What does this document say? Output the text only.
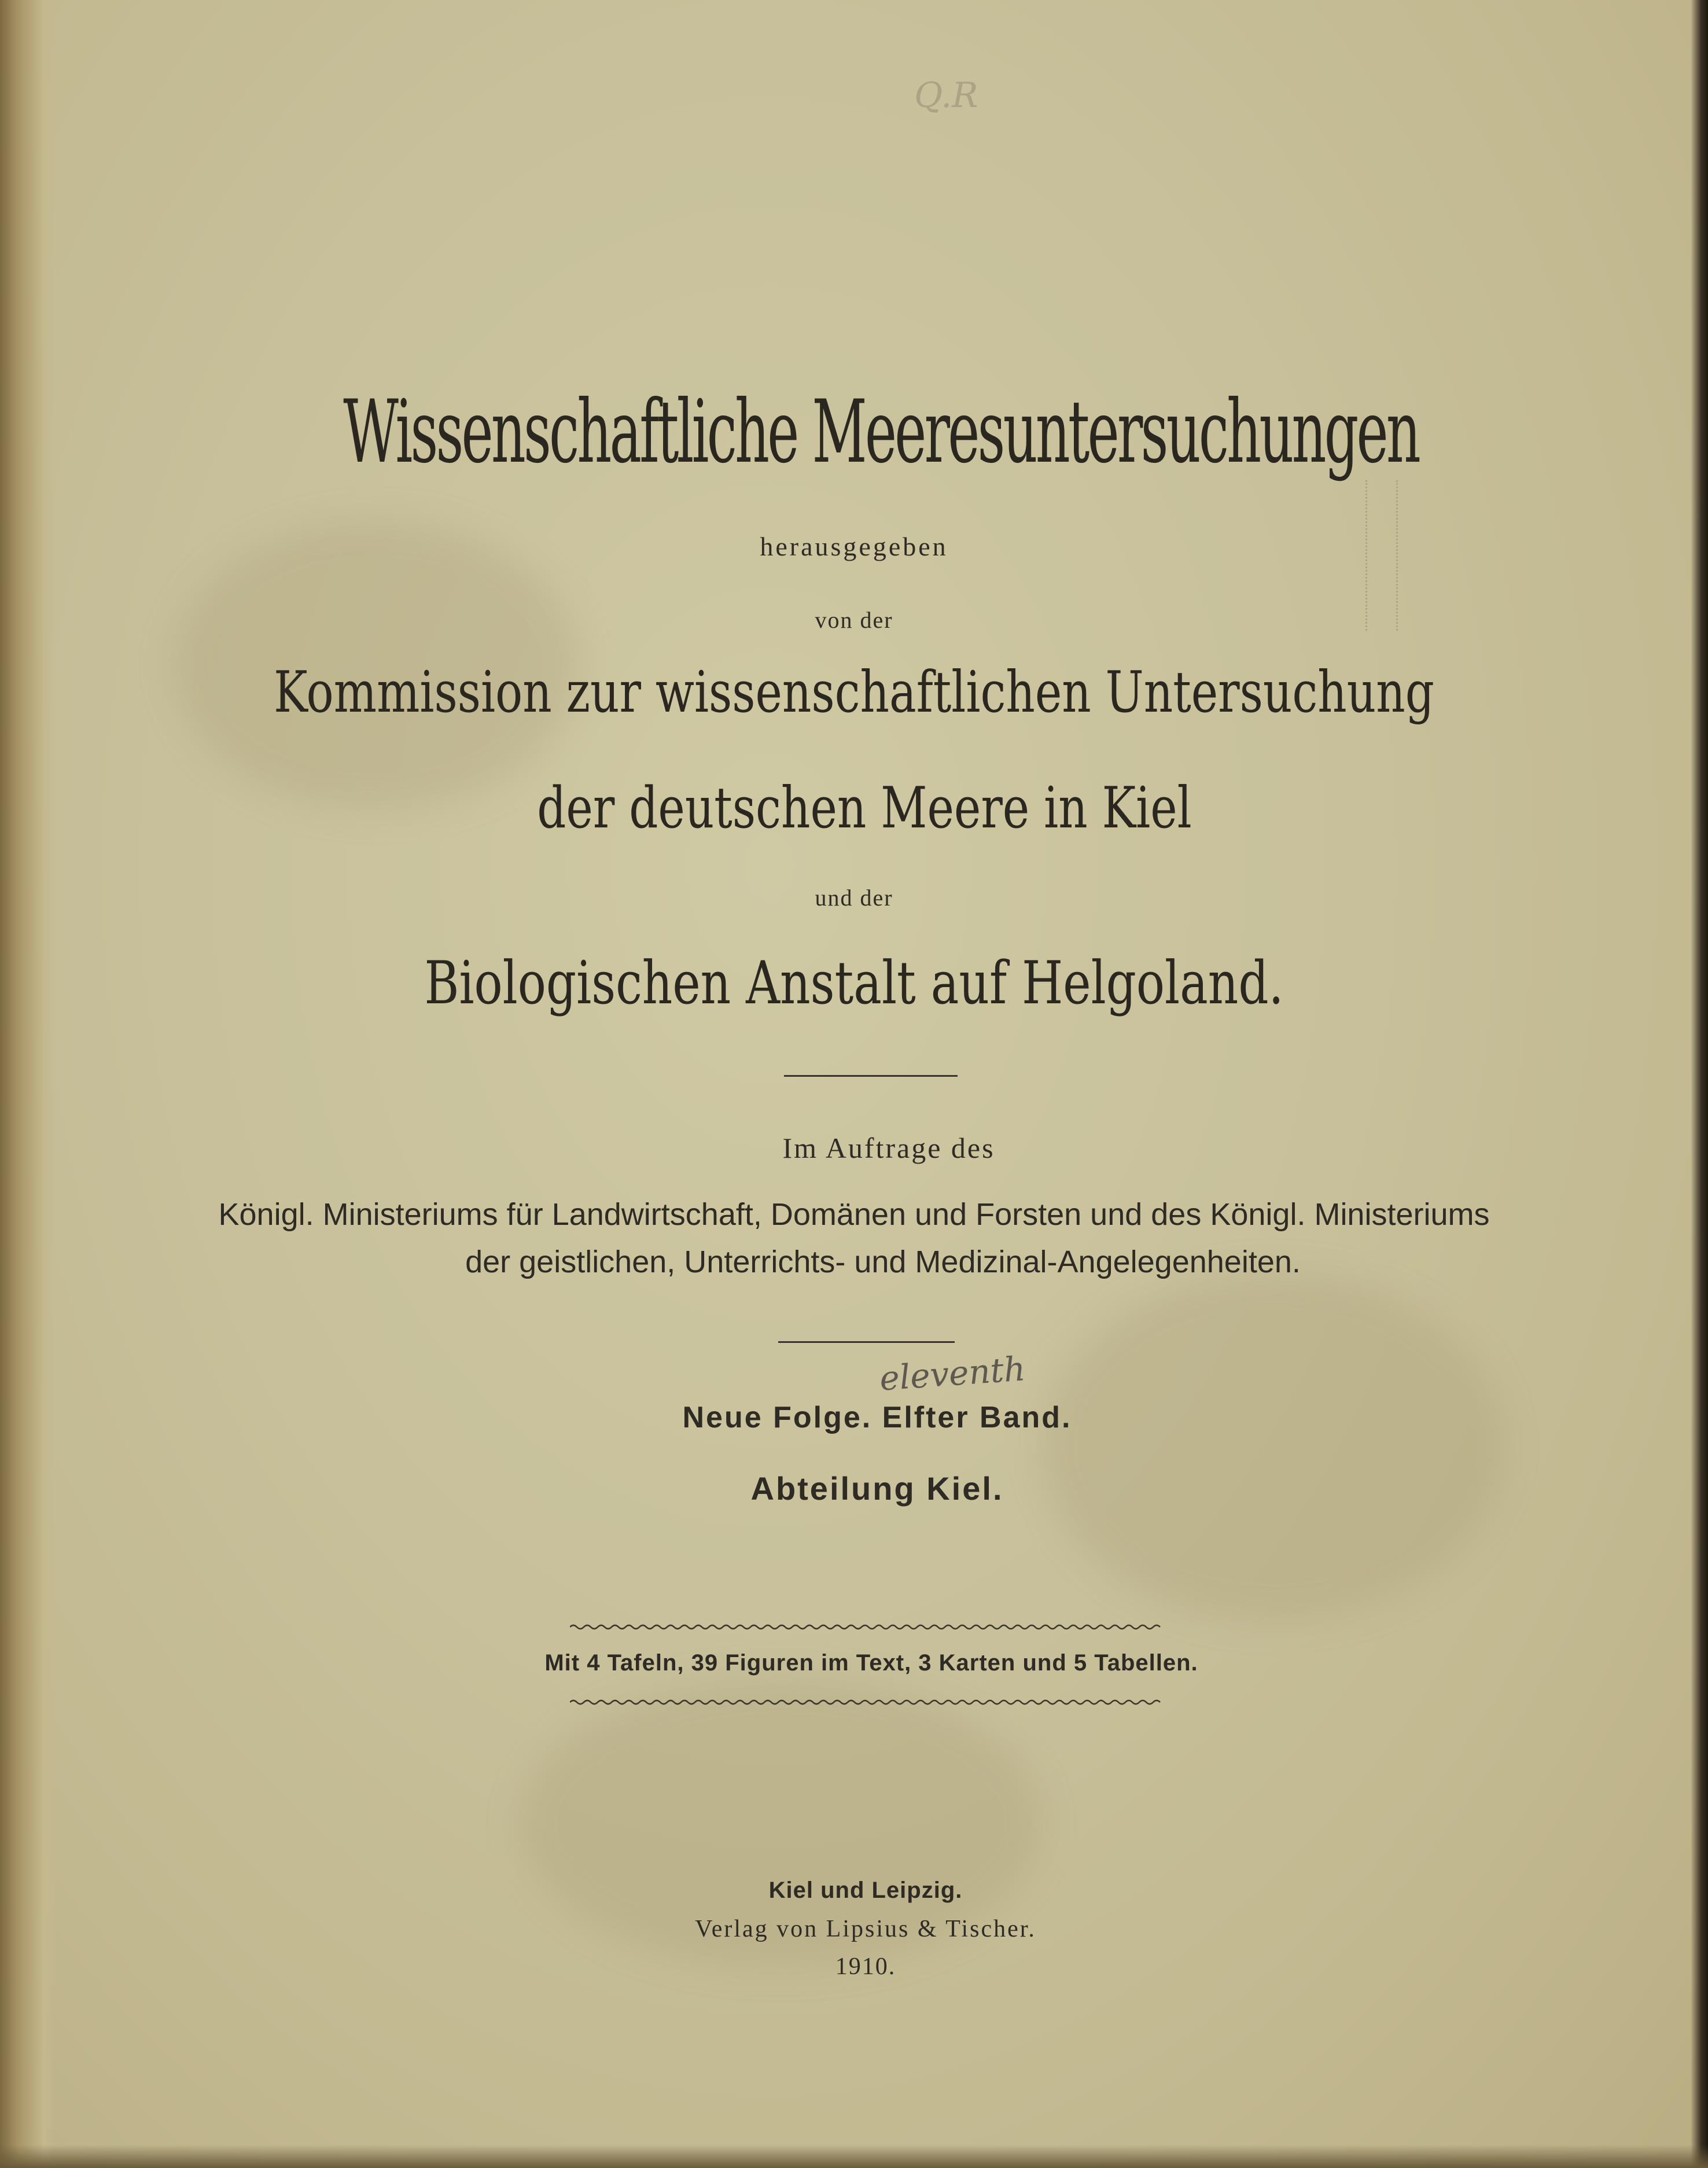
Q.R
Wissenschaftliche Meeresuntersuchungen
herausgegeben
von der
Kommission zur wissenschaftlichen Untersuchung
der deutschen Meere in Kiel
und der
Biologischen Anstalt auf Helgoland.
Im Auftrage des
Königl. Ministeriums für Landwirtschaft, Domänen und Forsten und des Königl. Ministeriums
der geistlichen, Unterrichts- und Medizinal-Angelegenheiten.
eleventh
Neue Folge. Elfter Band.
Abteilung Kiel.
Mit 4 Tafeln, 39 Figuren im Text, 3 Karten und 5 Tabellen.
Kiel und Leipzig.
Verlag von Lipsius & Tischer.
1910.
